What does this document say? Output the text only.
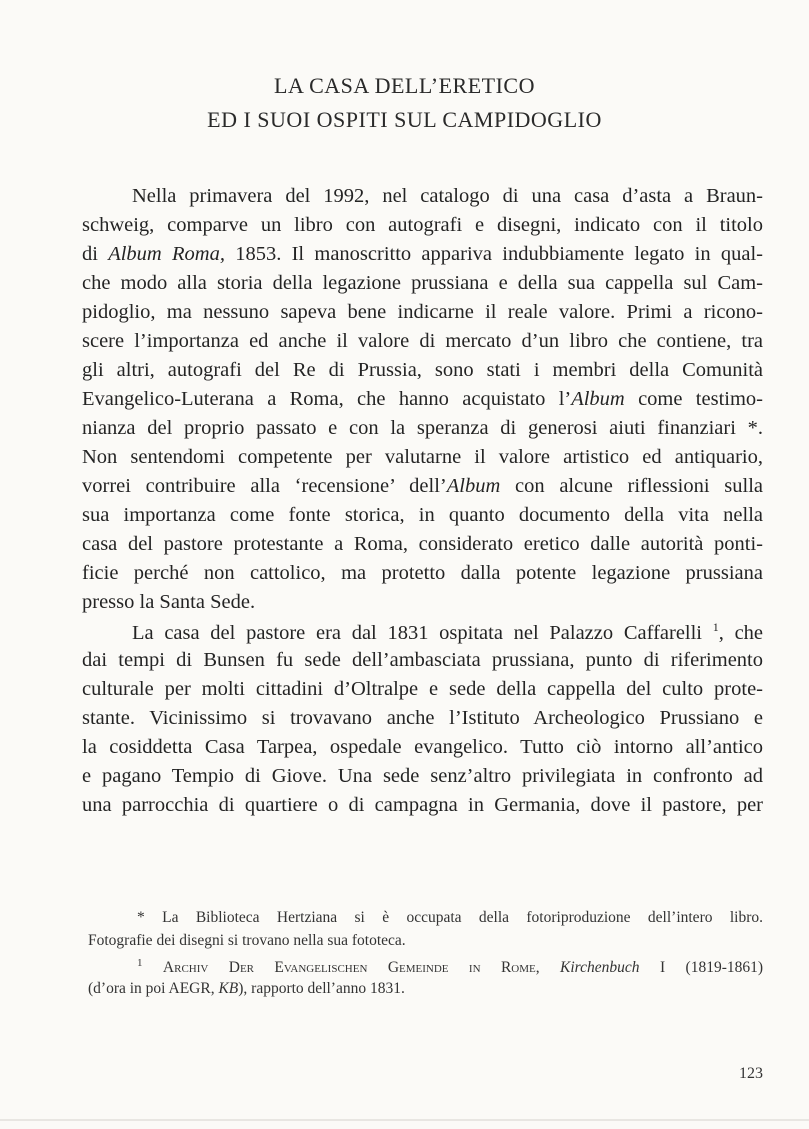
LA CASA DELL’ERETICO
ED I SUOI OSPITI SUL CAMPIDOGLIO
Nella primavera del 1992, nel catalogo di una casa d’asta a Braun-
schweig, comparve un libro con autografi e disegni, indicato con il titolo
di Album Roma, 1853. Il manoscritto appariva indubbiamente legato in qual-
che modo alla storia della legazione prussiana e della sua cappella sul Cam-
pidoglio, ma nessuno sapeva bene indicarne il reale valore. Primi a ricono-
scere l’importanza ed anche il valore di mercato d’un libro che contiene, tra
gli altri, autografi del Re di Prussia, sono stati i membri della Comunità
Evangelico-Luterana a Roma, che hanno acquistato l’Album come testimo-
nianza del proprio passato e con la speranza di generosi aiuti finanziari *.
Non sentendomi competente per valutarne il valore artistico ed antiquario,
vorrei contribuire alla ‘recensione’ dell’Album con alcune riflessioni sulla
sua importanza come fonte storica, in quanto documento della vita nella
casa del pastore protestante a Roma, considerato eretico dalle autorità ponti-
ficie perché non cattolico, ma protetto dalla potente legazione prussiana
presso la Santa Sede.
La casa del pastore era dal 1831 ospitata nel Palazzo Caffarelli $^1$, che
dai tempi di Bunsen fu sede dell’ambasciata prussiana, punto di riferimento
culturale per molti cittadini d’Oltralpe e sede della cappella del culto prote-
stante. Vicinissimo si trovavano anche l’Istituto Archeologico Prussiano e
la cosiddetta Casa Tarpea, ospedale evangelico. Tutto ciò intorno all’antico
e pagano Tempio di Giove. Una sede senz’altro privilegiata in confronto ad
una parrocchia di quartiere o di campagna in Germania, dove il pastore, per
* La Biblioteca Hertziana si è occupata della fotoriproduzione dell’intero libro.
Fotografie dei disegni si trovano nella sua fototeca.
$^1$ Archiv Der Evangelischen Gemeinde in Rome, Kirchenbuch I (1819-1861)
(d’ora in poi AEGR, KB), rapporto dell’anno 1831.
123
